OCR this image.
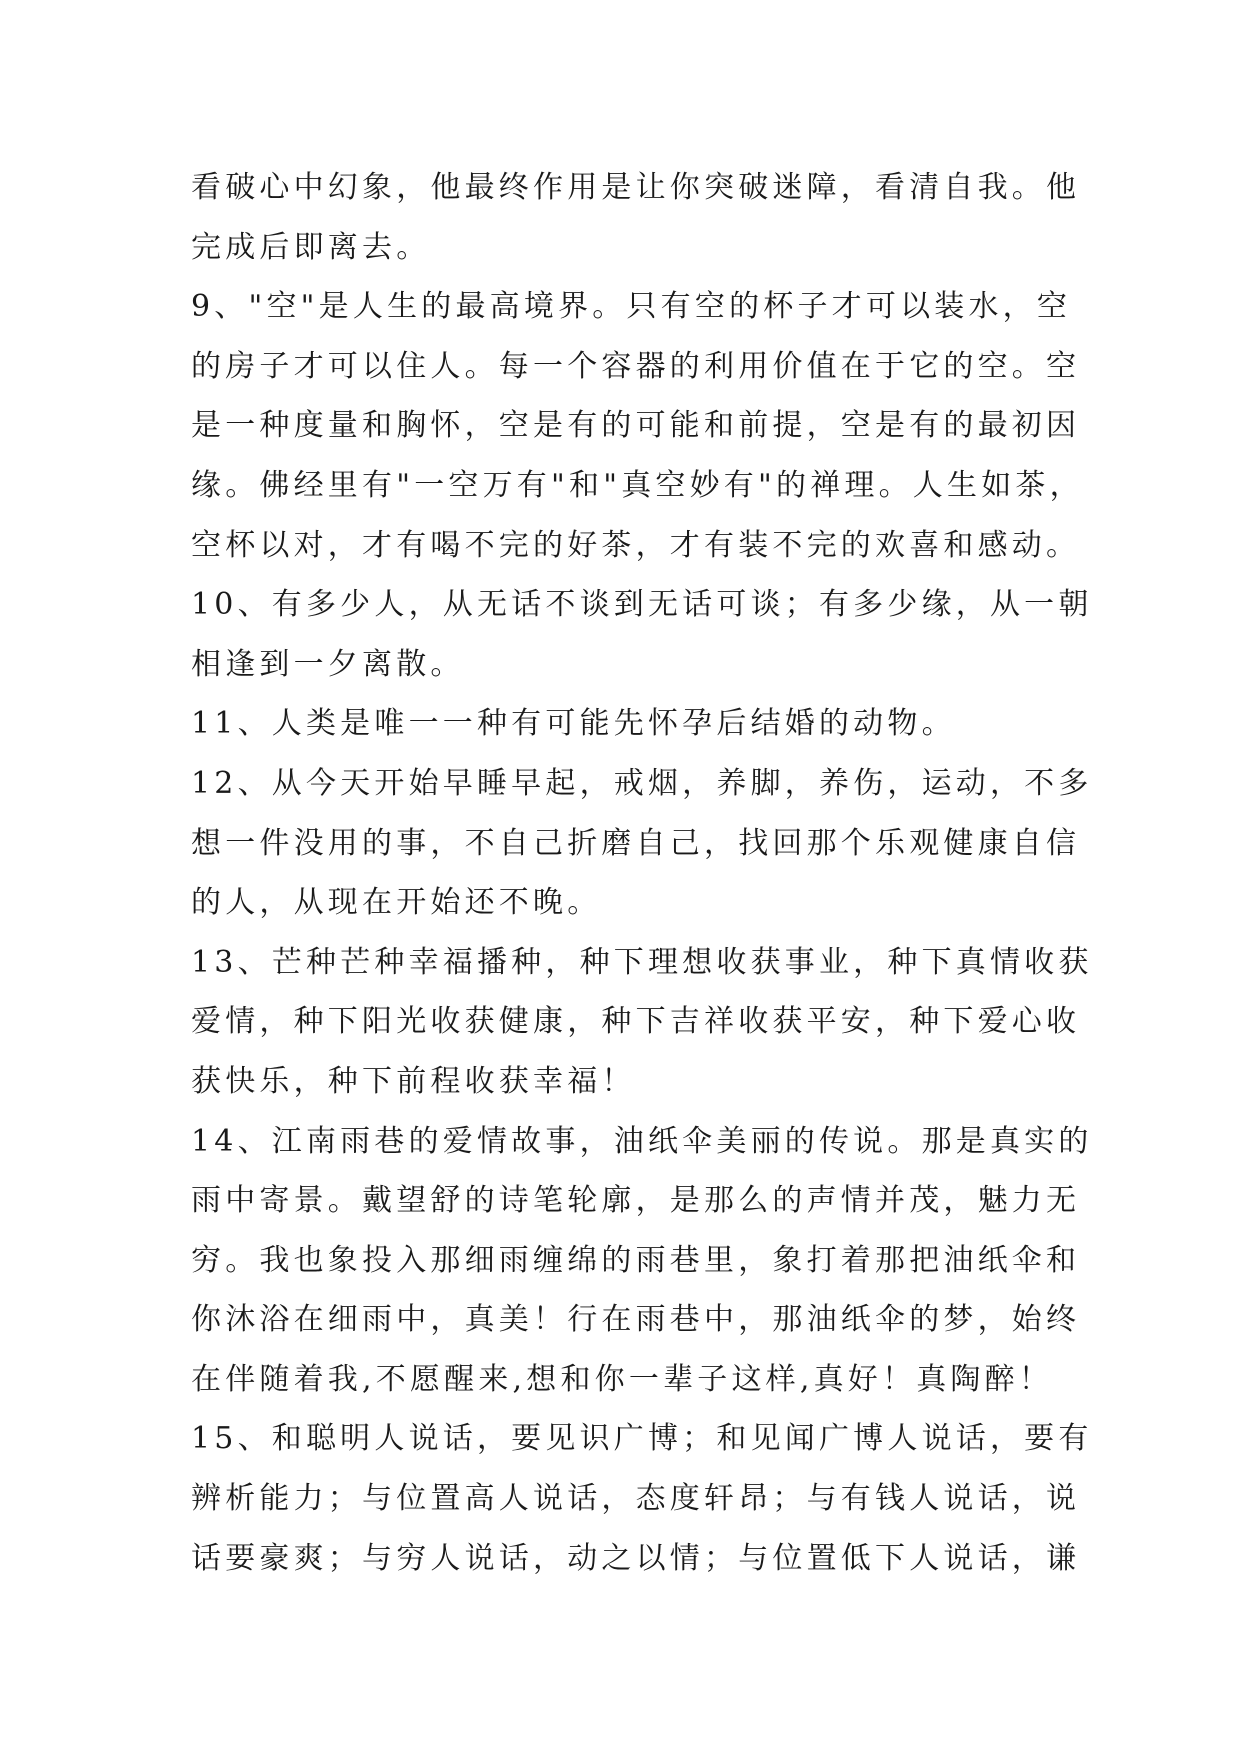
看破心中幻象，他最终作用是让你突破迷障，看清自我。他
完成后即离去。
9、"空"是人生的最高境界。只有空的杯子才可以装水，空
的房子才可以住人。每一个容器的利用价值在于它的空。空
是一种度量和胸怀，空是有的可能和前提，空是有的最初因
缘。佛经里有"一空万有"和"真空妙有"的禅理。人生如茶，
空杯以对，才有喝不完的好茶，才有装不完的欢喜和感动。
10、有多少人，从无话不谈到无话可谈；有多少缘，从一朝
相逢到一夕离散。
11、人类是唯一一种有可能先怀孕后结婚的动物。
12、从今天开始早睡早起，戒烟，养脚，养伤，运动，不多
想一件没用的事，不自己折磨自己，找回那个乐观健康自信
的人，从现在开始还不晚。
13、芒种芒种幸福播种，种下理想收获事业，种下真情收获
爱情，种下阳光收获健康，种下吉祥收获平安，种下爱心收
获快乐，种下前程收获幸福！
14、江南雨巷的爱情故事，油纸伞美丽的传说。那是真实的
雨中寄景。戴望舒的诗笔轮廓，是那么的声情并茂，魅力无
穷。我也象投入那细雨缠绵的雨巷里，象打着那把油纸伞和
你沐浴在细雨中，真美！行在雨巷中，那油纸伞的梦，始终
在伴随着我,不愿醒来,想和你一辈子这样,真好！真陶醉！
15、和聪明人说话，要见识广博；和见闻广博人说话，要有
辨析能力；与位置高人说话，态度轩昂；与有钱人说话，说
话要豪爽；与穷人说话，动之以情；与位置低下人说话，谦
